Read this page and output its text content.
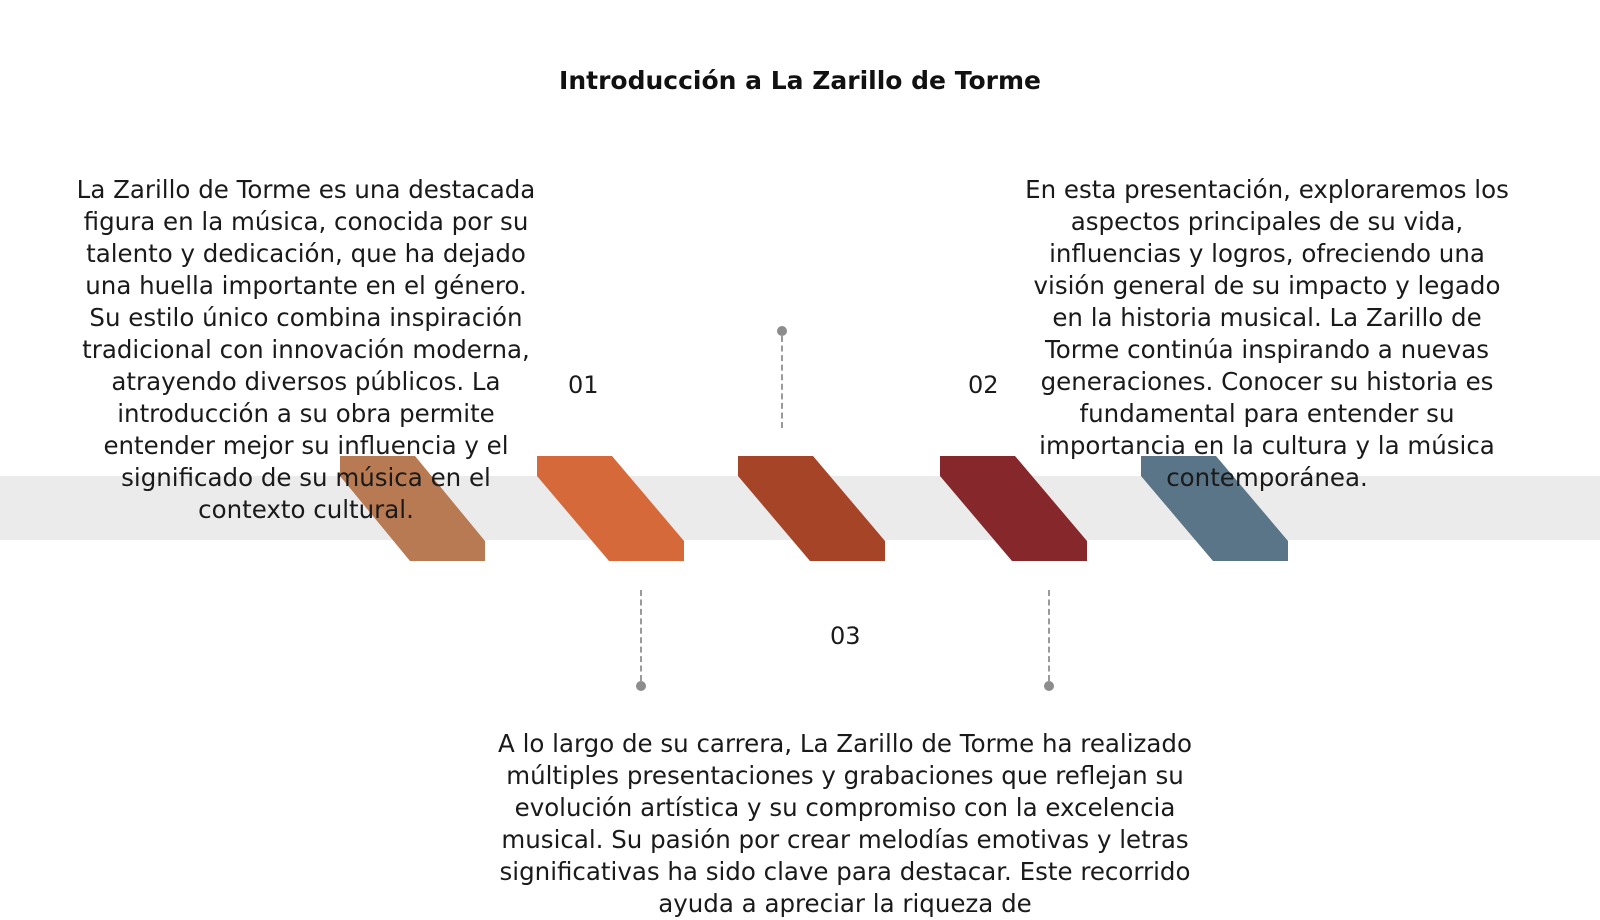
Introducción a La Zarillo de Torme
01	02
03
La Zarillo de Torme es una destacada figura en la música, conocida por su talento y dedicación, que ha dejado una huella importante en el género. Su estilo único combina inspiración tradicional con innovación moderna, atrayendo diversos públicos. La introducción a su obra permite entender mejor su influencia y el significado de su música en el contexto cultural.
En esta presentación, exploraremos los aspectos principales de su vida, influencias y logros, ofreciendo una visión general de su impacto y legado en la historia musical. La Zarillo de Torme continúa inspirando a nuevas generaciones. Conocer su historia es fundamental para entender su importancia en la cultura y la música contemporánea.
A lo largo de su carrera, La Zarillo de Torme ha realizado múltiples presentaciones y grabaciones que reflejan su evolución artística y su compromiso con la excelencia musical. Su pasión por crear melodías emotivas y letras significativas ha sido clave para destacar. Este recorrido ayuda a apreciar la riqueza de
